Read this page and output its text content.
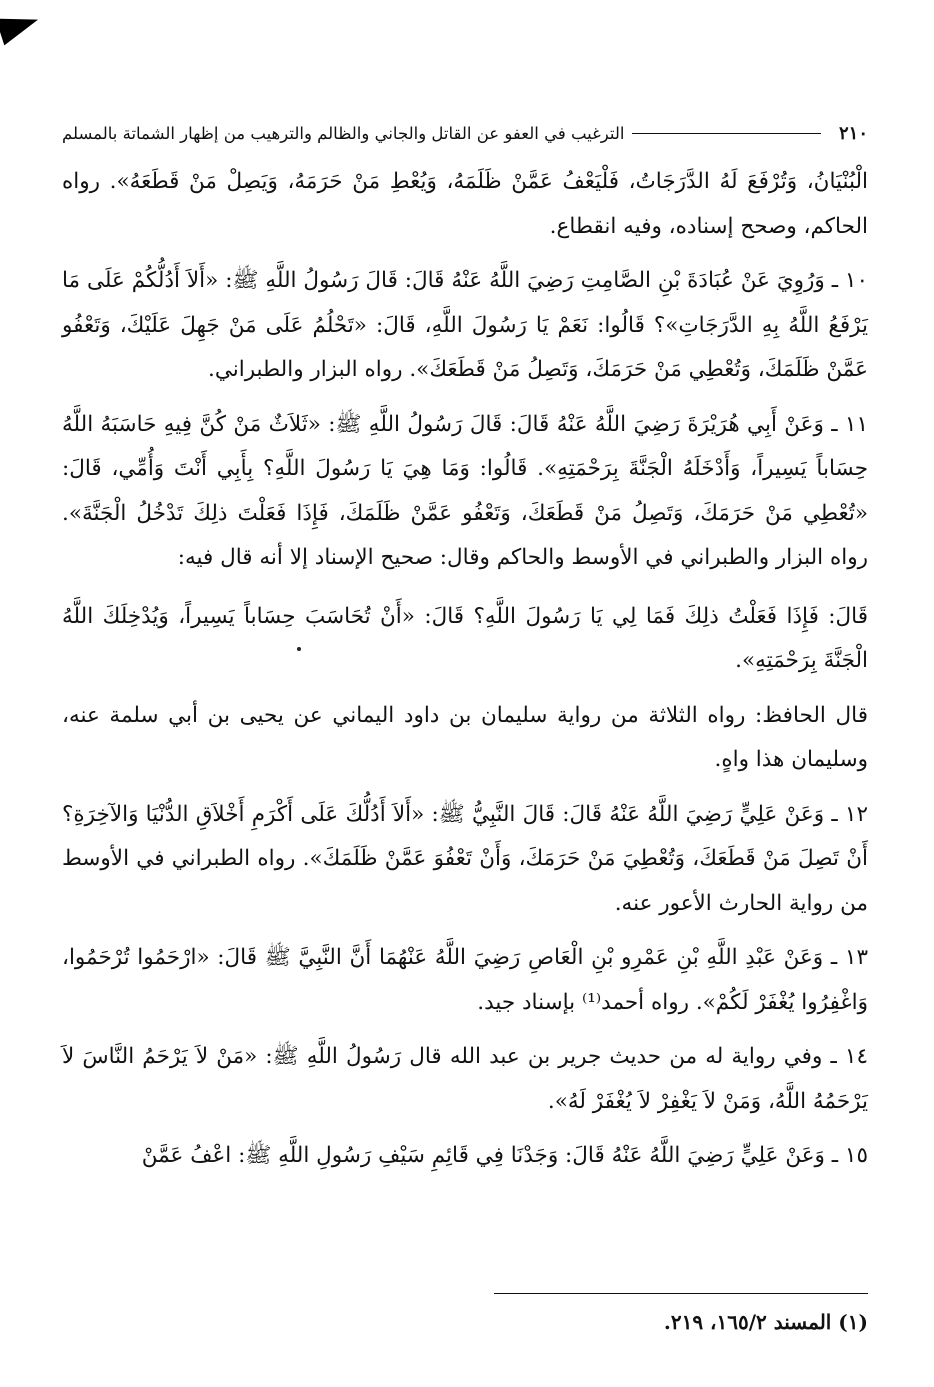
٢١٠
الترغيب في العفو عن القاتل والجاني والظالم والترهيب من إظهار الشماتة بالمسلم

الْبُنْيَانُ، وَتُرْفَعَ لَهُ الدَّرَجَاتُ، فَلْيَعْفُ عَمَّنْ ظَلَمَهُ، وَيُعْطِ مَنْ حَرَمَهُ، وَيَصِلْ مَنْ قَطَعَهُ». رواه الحاكم، وصحح إسناده، وفيه انقطاع.

١٠ ـ وَرُوِيَ عَنْ عُبَادَةَ بْنِ الصَّامِتِ رَضِيَ اللَّهُ عَنْهُ قَالَ: قَالَ رَسُولُ اللَّهِ ﷺ: «أَلاَ أَدُلُّكُمْ عَلَى مَا يَرْفَعُ اللَّهُ بِهِ الدَّرَجَاتِ»؟ قَالُوا: نَعَمْ يَا رَسُولَ اللَّهِ، قَالَ: «تَحْلُمُ عَلَى مَنْ جَهِلَ عَلَيْكَ، وَتَعْفُو عَمَّنْ ظَلَمَكَ، وَتُعْطِي مَنْ حَرَمَكَ، وَتَصِلُ مَنْ قَطَعَكَ». رواه البزار والطبراني.

١١ ـ وَعَنْ أَبِي هُرَيْرَةَ رَضِيَ اللَّهُ عَنْهُ قَالَ: قَالَ رَسُولُ اللَّهِ ﷺ: «ثَلاَثٌ مَنْ كُنَّ فِيهِ حَاسَبَهُ اللَّهُ حِسَاباً يَسِيراً، وَأَدْخَلَهُ الْجَنَّةَ بِرَحْمَتِهِ». قَالُوا: وَمَا هِيَ يَا رَسُولَ اللَّهِ؟ بِأَبِي أَنْتَ وَأُمِّي، قَالَ: «تُعْطِي مَنْ حَرَمَكَ، وَتَصِلُ مَنْ قَطَعَكَ، وَتَعْفُو عَمَّنْ ظَلَمَكَ، فَإِذَا فَعَلْتَ ذلِكَ تَدْخُلُ الْجَنَّةَ». رواه البزار والطبراني في الأوسط والحاكم وقال: صحيح الإسناد إلا أنه قال فيه:

قَالَ: فَإِذَا فَعَلْتُ ذلِكَ فَمَا لِي يَا رَسُولَ اللَّهِ؟ قَالَ: «أَنْ تُحَاسَبَ حِسَاباً يَسِيراً، وَيُدْخِلَكَ اللَّهُ الْجَنَّةَ بِرَحْمَتِهِ».

قال الحافظ: رواه الثلاثة من رواية سليمان بن داود اليماني عن يحيى بن أبي سلمة عنه، وسليمان هذا واهٍ.

١٢ ـ وَعَنْ عَلِيٍّ رَضِيَ اللَّهُ عَنْهُ قَالَ: قَالَ النَّبِيُّ ﷺ: «أَلاَ أَدُلُّكَ عَلَى أَكْرَمِ أَخْلاَقِ الدُّنْيَا وَالآخِرَةِ؟ أَنْ تَصِلَ مَنْ قَطَعَكَ، وَتُعْطِيَ مَنْ حَرَمَكَ، وَأَنْ تَعْفُوَ عَمَّنْ ظَلَمَكَ». رواه الطبراني في الأوسط من رواية الحارث الأعور عنه.

١٣ ـ وَعَنْ عَبْدِ اللَّهِ بْنِ عَمْرِو بْنِ الْعَاصِ رَضِيَ اللَّهُ عَنْهُمَا أَنَّ النَّبِيَّ ﷺ قَالَ: «ارْحَمُوا تُرْحَمُوا، وَاغْفِرُوا يُغْفَرْ لَكُمْ». رواه أحمد⁽¹⁾ بإسناد جيد.

١٤ ـ وفي رواية له من حديث جرير بن عبد الله قال رَسُولُ اللَّهِ ﷺ: «مَنْ لاَ يَرْحَمُ النَّاسَ لاَ يَرْحَمُهُ اللَّهُ، وَمَنْ لاَ يَغْفِرْ لاَ يُغْفَرْ لَهُ».

١٥ ـ وَعَنْ عَلِيٍّ رَضِيَ اللَّهُ عَنْهُ قَالَ: وَجَدْنَا فِي قَائِمِ سَيْفِ رَسُولِ اللَّهِ ﷺ: اعْفُ عَمَّنْ

(١) المسند ١٦٥/٢، ٢١٩.
